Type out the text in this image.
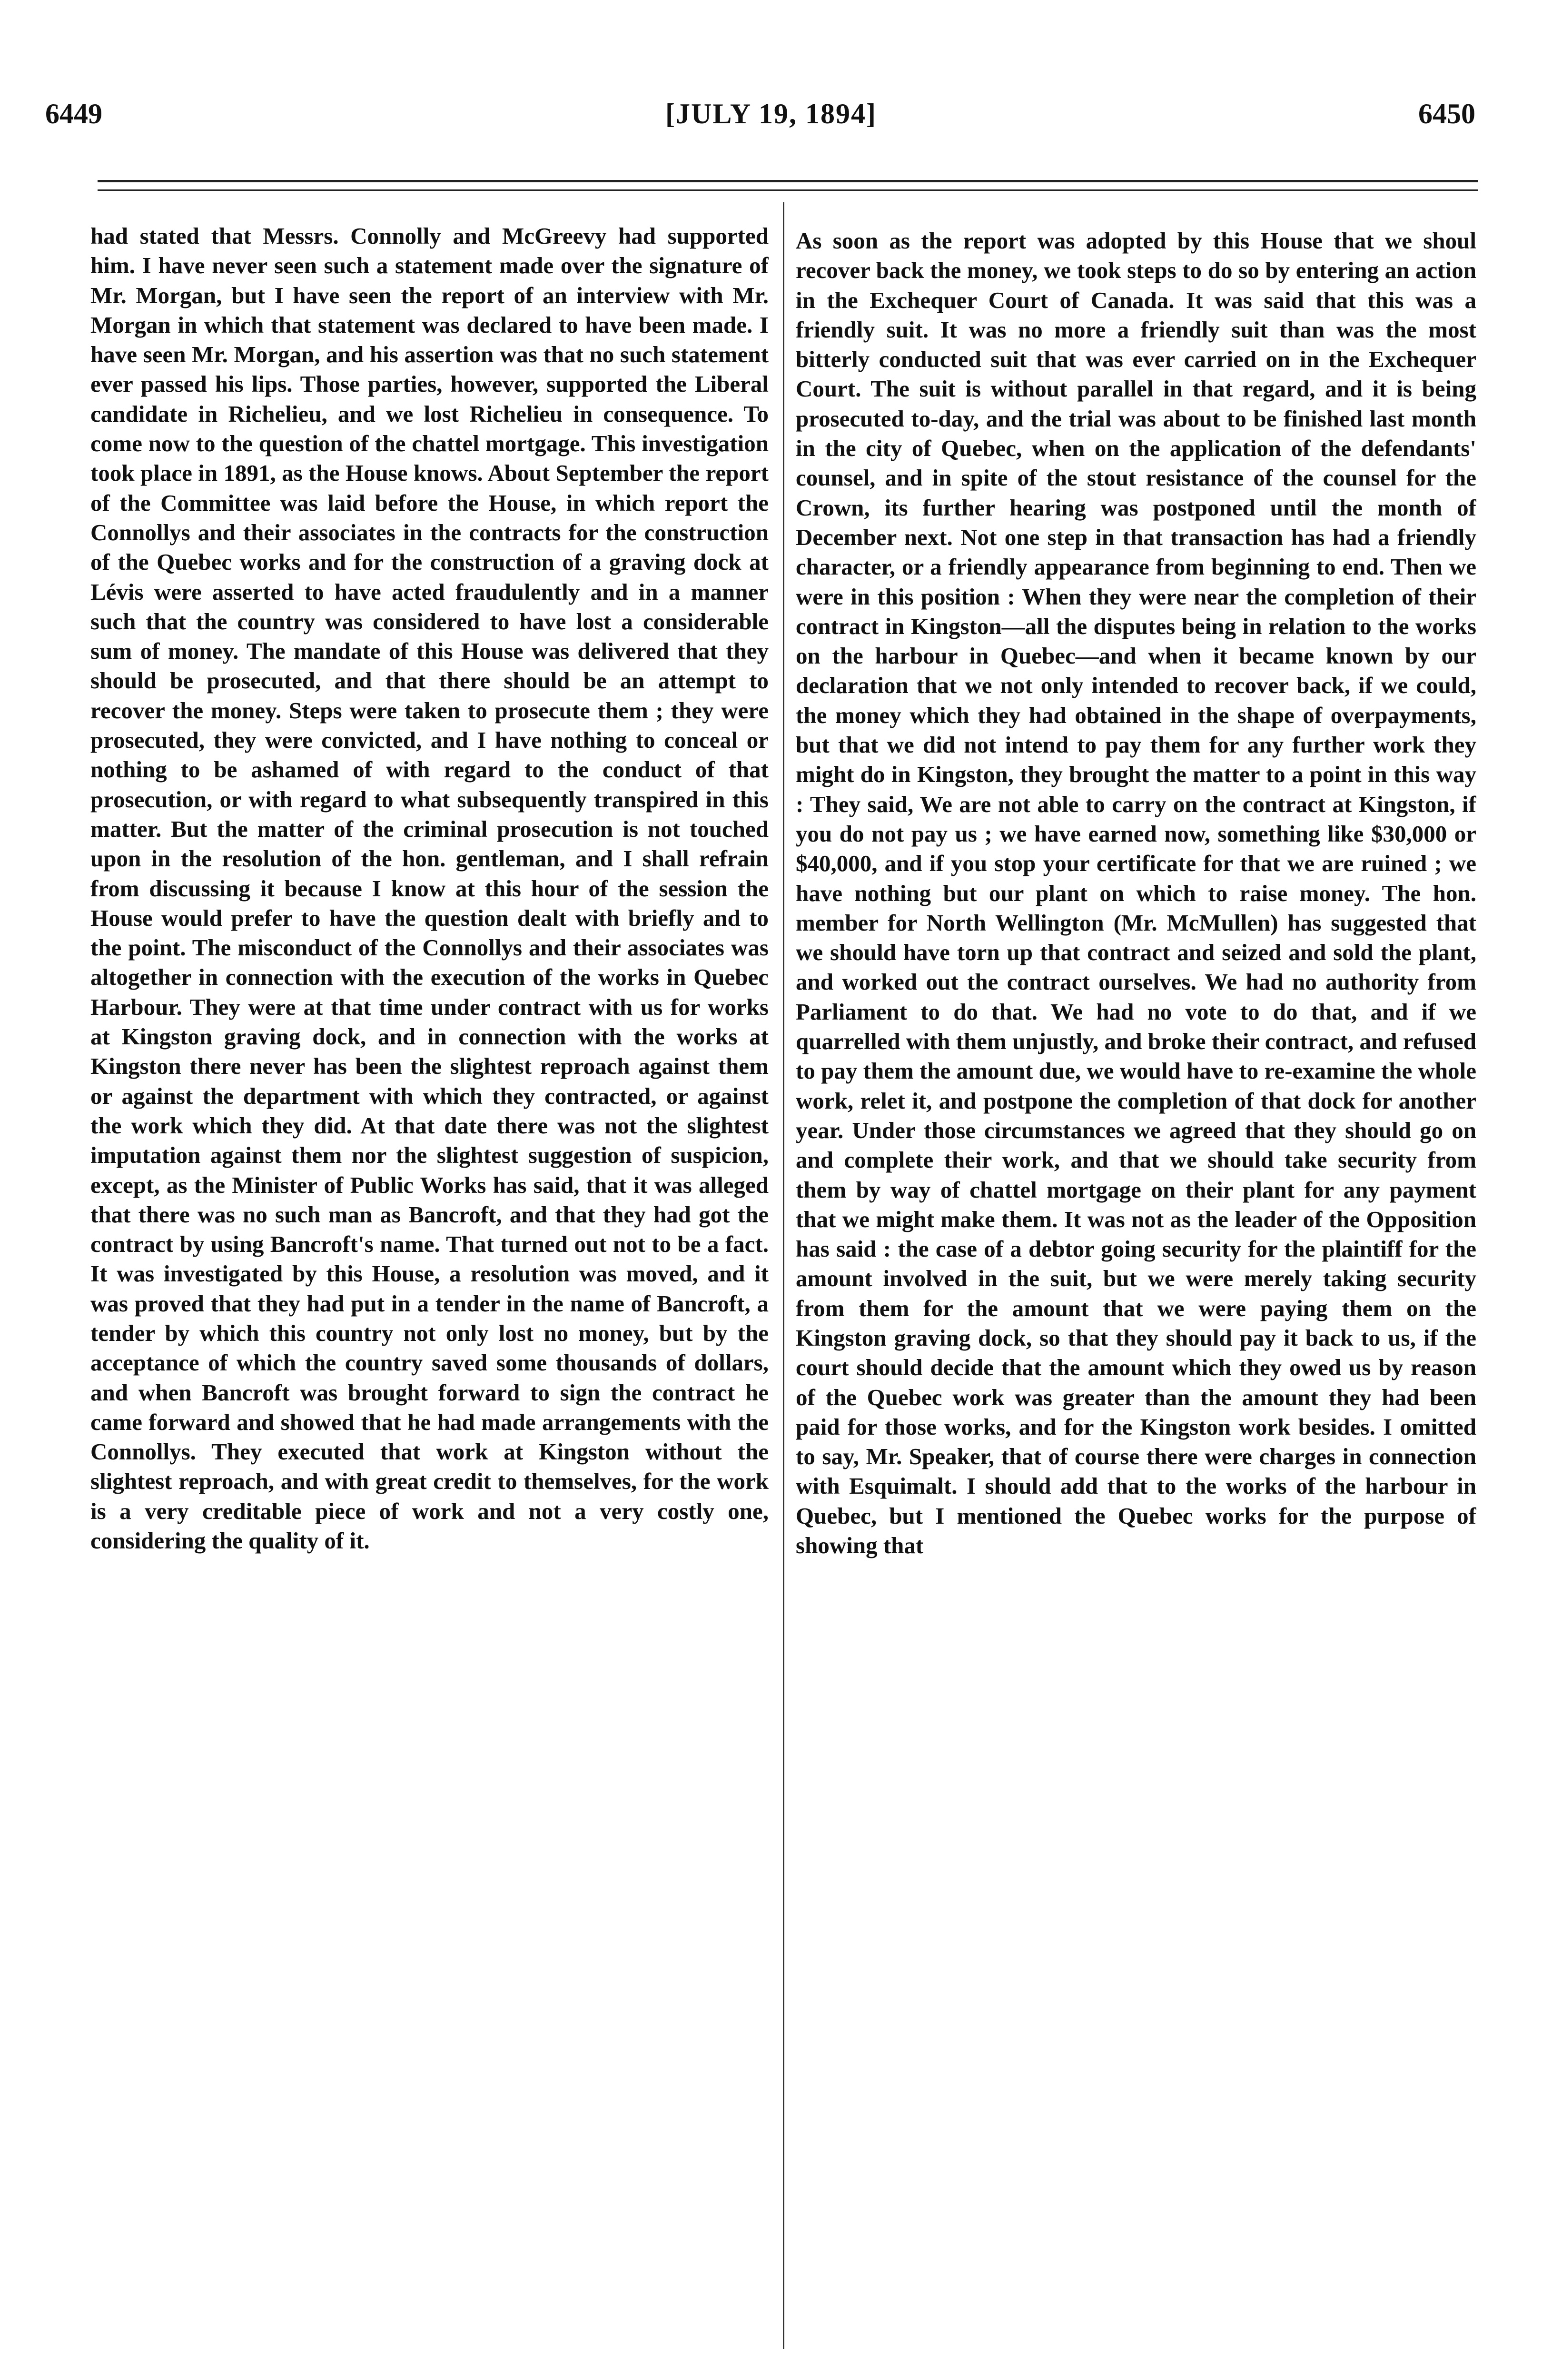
6449	[JULY 19, 1894]	6450

had stated that Messrs. Connolly and McGreevy had supported him. I have never seen such a statement made over the signature of Mr. Morgan, but I have seen the report of an interview with Mr. Morgan in which that statement was declared to have been made. I have seen Mr. Morgan, and his assertion was that no such statement ever passed his lips. Those parties, however, supported the Liberal candidate in Richelieu, and we lost Richelieu in consequence. To come now to the question of the chattel mortgage. This investigation took place in 1891, as the House knows. About September the report of the Committee was laid before the House, in which report the Connollys and their associates in the contracts for the construction of the Quebec works and for the construction of a graving dock at Lévis were asserted to have acted fraudulently and in a manner such that the country was considered to have lost a considerable sum of money. The mandate of this House was delivered that they should be prosecuted, and that there should be an attempt to recover the money. Steps were taken to prosecute them ; they were prosecuted, they were convicted, and I have nothing to conceal or nothing to be ashamed of with regard to the conduct of that prosecution, or with regard to what subsequently transpired in this matter. But the matter of the criminal prosecution is not touched upon in the resolution of the hon. gentleman, and I shall refrain from discussing it because I know at this hour of the session the House would prefer to have the question dealt with briefly and to the point. The misconduct of the Connollys and their associates was altogether in connection with the execution of the works in Quebec Harbour. They were at that time under contract with us for works at Kingston graving dock, and in connection with the works at Kingston there never has been the slightest reproach against them or against the department with which they contracted, or against the work which they did. At that date there was not the slightest imputation against them nor the slightest suggestion of suspicion, except, as the Minister of Public Works has said, that it was alleged that there was no such man as Bancroft, and that they had got the contract by using Bancroft's name. That turned out not to be a fact. It was investigated by this House, a resolution was moved, and it was proved that they had put in a tender in the name of Bancroft, a tender by which this country not only lost no money, but by the acceptance of which the country saved some thousands of dollars, and when Bancroft was brought forward to sign the contract he came forward and showed that he had made arrangements with the Connollys. They executed that work at Kingston without the slightest reproach, and with great credit to themselves, for the work is a very creditable piece of work and not a very costly one, considering the quality of it.

As soon as the report was adopted by this House that we shoul recover back the money, we took steps to do so by entering an action in the Exchequer Court of Canada. It was said that this was a friendly suit. It was no more a friendly suit than was the most bitterly conducted suit that was ever carried on in the Exchequer Court. The suit is without parallel in that regard, and it is being prosecuted to-day, and the trial was about to be finished last month in the city of Quebec, when on the application of the defendants' counsel, and in spite of the stout resistance of the counsel for the Crown, its further hearing was postponed until the month of December next. Not one step in that transaction has had a friendly character, or a friendly appearance from beginning to end. Then we were in this position : When they were near the completion of their contract in Kingston—all the disputes being in relation to the works on the harbour in Quebec—and when it became known by our declaration that we not only intended to recover back, if we could, the money which they had obtained in the shape of overpayments, but that we did not intend to pay them for any further work they might do in Kingston, they brought the matter to a point in this way : They said, We are not able to carry on the contract at Kingston, if you do not pay us ; we have earned now, something like $30,000 or $40,000, and if you stop your certificate for that we are ruined ; we have nothing but our plant on which to raise money. The hon. member for North Wellington (Mr. McMullen) has suggested that we should have torn up that contract and seized and sold the plant, and worked out the contract ourselves. We had no authority from Parliament to do that. We had no vote to do that, and if we quarrelled with them unjustly, and broke their contract, and refused to pay them the amount due, we would have to re-examine the whole work, relet it, and postpone the completion of that dock for another year. Under those circumstances we agreed that they should go on and complete their work, and that we should take security from them by way of chattel mortgage on their plant for any payment that we might make them. It was not as the leader of the Opposition has said : the case of a debtor going security for the plaintiff for the amount involved in the suit, but we were merely taking security from them for the amount that we were paying them on the Kingston graving dock, so that they should pay it back to us, if the court should decide that the amount which they owed us by reason of the Quebec work was greater than the amount they had been paid for those works, and for the Kingston work besides. I omitted to say, Mr. Speaker, that of course there were charges in connection with Esquimalt. I should add that to the works of the harbour in Quebec, but I mentioned the Quebec works for the purpose of showing that
